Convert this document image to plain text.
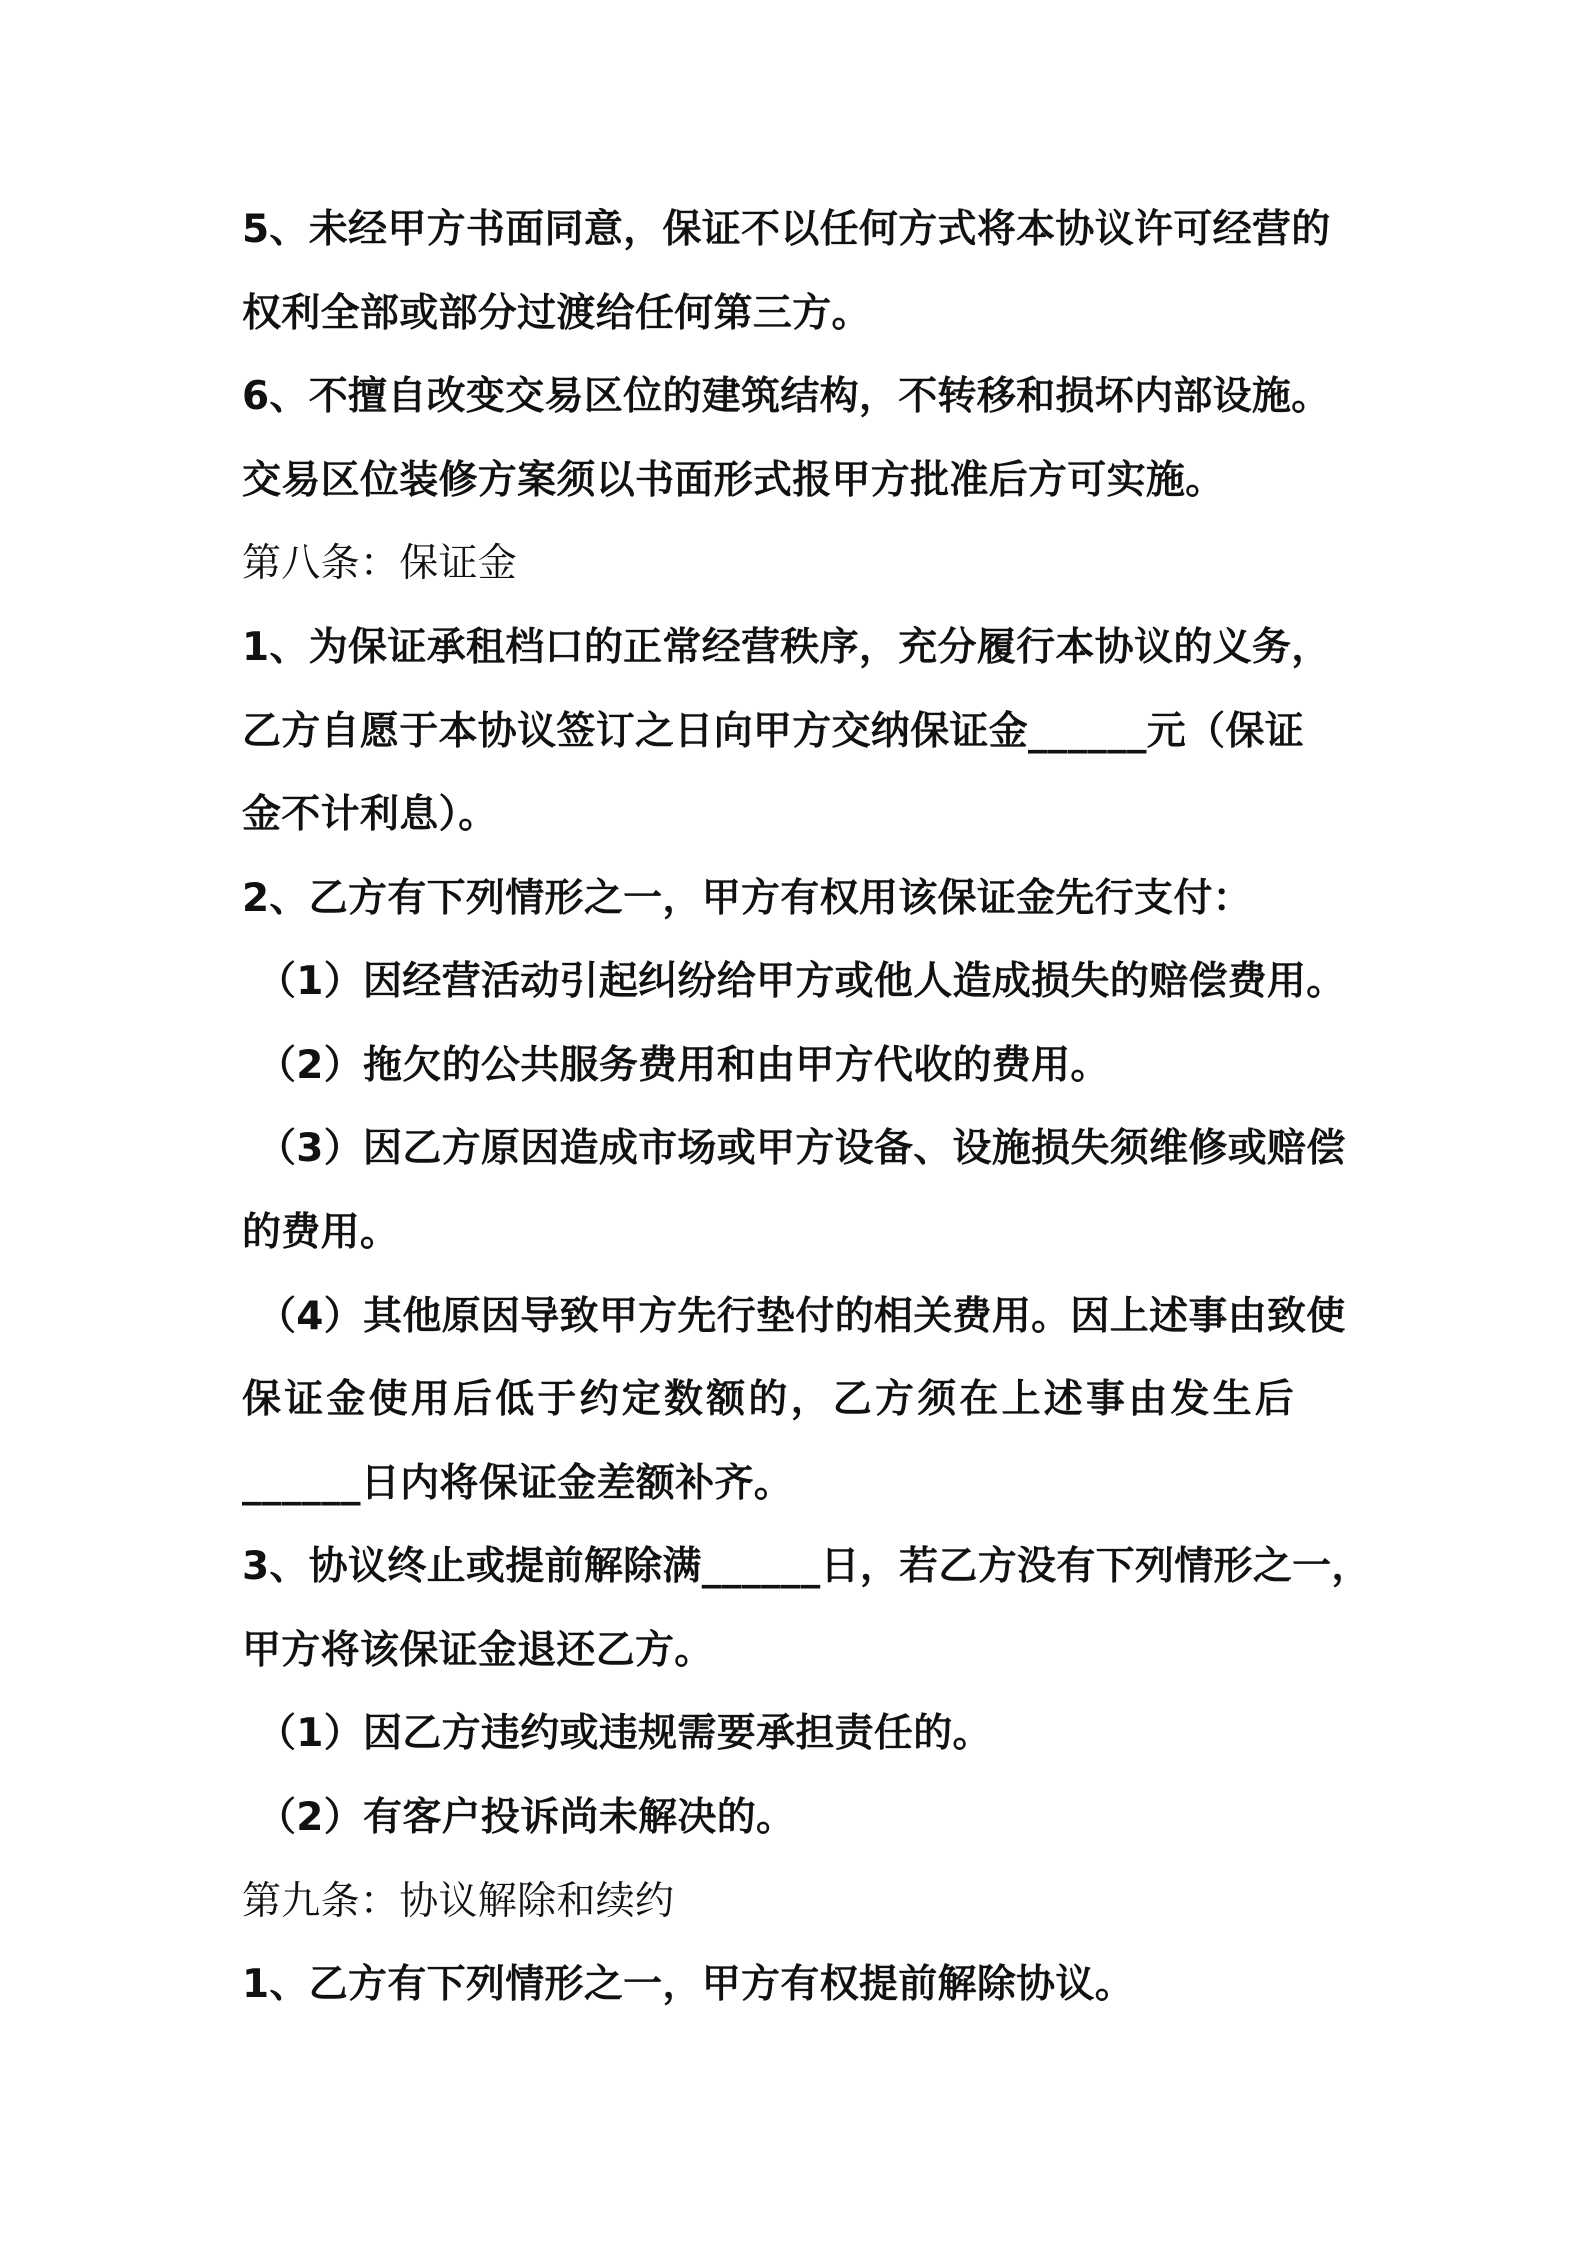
5、未经甲方书面同意，保证不以任何方式将本协议许可经营的
权利全部或部分过渡给任何第三方。
6、不擅自改变交易区位的建筑结构，不转移和损坏内部设施。
交易区位装修方案须以书面形式报甲方批准后方可实施。
第八条：保证金
1、为保证承租档口的正常经营秩序，充分履行本协议的义务，
乙方自愿于本协议签订之日向甲方交纳保证金______元（保证
金不计利息）。
2、乙方有下列情形之一，甲方有权用该保证金先行支付：
（1）因经营活动引起纠纷给甲方或他人造成损失的赔偿费用。
（2）拖欠的公共服务费用和由甲方代收的费用。
（3）因乙方原因造成市场或甲方设备、设施损失须维修或赔偿
的费用。
（4）其他原因导致甲方先行垫付的相关费用。因上述事由致使
保证金使用后低于约定数额的，乙方须在上述事由发生后
______日内将保证金差额补齐。
3、协议终止或提前解除满______日，若乙方没有下列情形之一，
甲方将该保证金退还乙方。
（1）因乙方违约或违规需要承担责任的。
（2）有客户投诉尚未解决的。
第九条：协议解除和续约
1、乙方有下列情形之一，甲方有权提前解除协议。
